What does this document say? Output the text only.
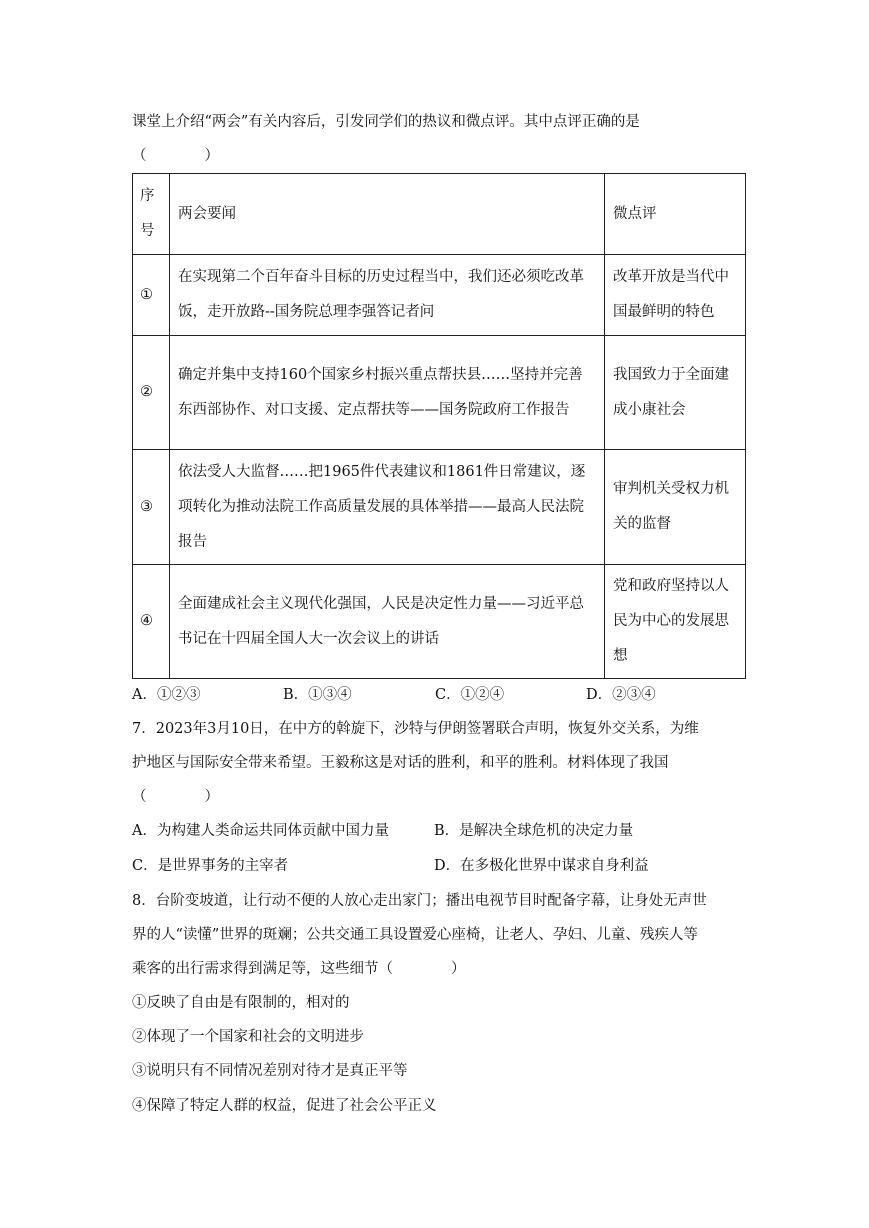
课堂上介绍“两会”有关内容后，引发同学们的热议和微点评。其中点评正确的是
（　　　　）
序号	两会要闻	微点评
①	在实现第二个百年奋斗目标的历史过程当中，我们还必须吃改革饭，走开放路--国务院总理李强答记者问	改革开放是当代中国最鲜明的特色
②	确定并集中支持160个国家乡村振兴重点帮扶县……坚持并完善东西部协作、对口支援、定点帮扶等——国务院政府工作报告	我国致力于全面建成小康社会
③	依法受人大监督……把1965件代表建议和1861件日常建议，逐项转化为推动法院工作高质量发展的具体举措——最高人民法院报告	审判机关受权力机关的监督
④	全面建成社会主义现代化强国，人民是决定性力量——习近平总书记在十四届全国人大一次会议上的讲话	党和政府坚持以人民为中心的发展思想
A．①②③	B．①③④	C．①②④	D．②③④
7．2023年3月10日，在中方的斡旋下，沙特与伊朗签署联合声明，恢复外交关系，为维
护地区与国际安全带来希望。王毅称这是对话的胜利，和平的胜利。材料体现了我国
（　　　　）
A．为构建人类命运共同体贡献中国力量	B．是解决全球危机的决定力量
C．是世界事务的主宰者	D．在多极化世界中谋求自身利益
8．台阶变坡道，让行动不便的人放心走出家门；播出电视节目时配备字幕，让身处无声世
界的人“读懂”世界的斑斓；公共交通工具设置爱心座椅，让老人、孕妇、儿童、残疾人等
乘客的出行需求得到满足等，这些细节（　　　　）
①反映了自由是有限制的，相对的
②体现了一个国家和社会的文明进步
③说明只有不同情况差别对待才是真正平等
④保障了特定人群的权益，促进了社会公平正义
